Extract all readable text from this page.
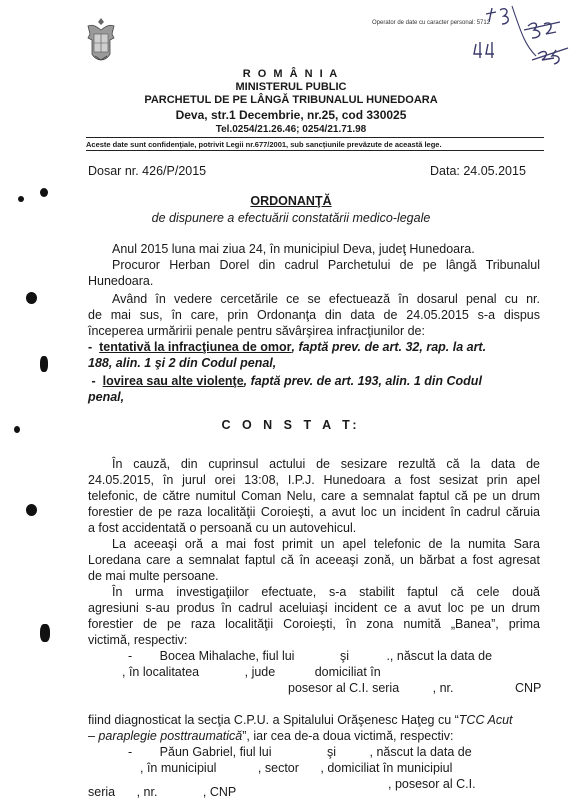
Operator de date cu caracter personal: 5712
R O M Â N I A
MINISTERUL PUBLIC
PARCHETUL DE PE LÂNGĂ TRIBUNALUL HUNEDOARA
Deva, str.1 Decembrie, nr.25, cod 330025
Tel.0254/21.26.46; 0254/21.71.98
Aceste date sunt confidenţiale, potrivit Legii nr.677/2001, sub sancţiunile prevăzute de această lege.
Dosar nr. 426/P/2015	Data: 24.05.2015
ORDONANŢĂ
de dispunere a efectuării constatării medico-legale
Anul 2015 luna mai ziua 24, în municipiul Deva, judeţ Hunedoara.
Procuror Herban Dorel din cadrul Parchetului de pe lângă Tribunalul
Hunedoara.
Având în vedere cercetările ce se efectuează în dosarul penal cu nr.
de mai sus, în care, prin Ordonanţa din data de 24.05.2015 s-a dispus
începerea urmăririi penale pentru săvârşirea infracţiunilor de:
- tentativă la infracţiunea de omor, faptă prev. de art. 32, rap. la art.
188, alin. 1 şi 2 din Codul penal,
- lovirea sau alte violenţe, faptă prev. de art. 193, alin. 1 din Codul
penal,
C O N S T A T:
În cauză, din cuprinsul actului de sesizare rezultă că la data de
24.05.2015, în jurul orei 13:08, I.P.J. Hunedoara a fost sesizat prin apel
telefonic, de către numitul Coman Nelu, care a semnalat faptul că pe un drum
forestier de pe raza localităţii Coroieşti, a avut loc un incident în cadrul căruia
a fost accidentată o persoană cu un autovehicul.
La aceeaşi oră a mai fost primit un apel telefonic de la numita Sara
Loredana care a semnalat faptul că în aceeaşi zonă, un bărbat a fost agresat
de mai multe persoane.
În urma investigaţiilor efectuate, s-a stabilit faptul că cele două
agresiuni s-au produs în cadrul aceluiaşi incident ce a avut loc pe un drum
forestier de pe raza localităţii Coroieşti, în zona numită „Banea”, prima
victimă, respectiv:
- Bocea Mihalache, fiul lui	şi	., născut la data de
, în localitatea	, jude	domiciliat în
posesor al C.I. seria	, nr.	CNP
fiind diagnosticat la secţia C.P.U. a Spitalului Orăşenesc Haţeg cu “TCC Acut
– paraplegie posttraumatică”, iar cea de-a doua victimă, respectiv:
- Păun Gabriel, fiul lui	şi	, născut la data de
, în municipiul	, sector , domiciliat în municipiul
, posesor al C.I.
seria , nr.	, CNP
